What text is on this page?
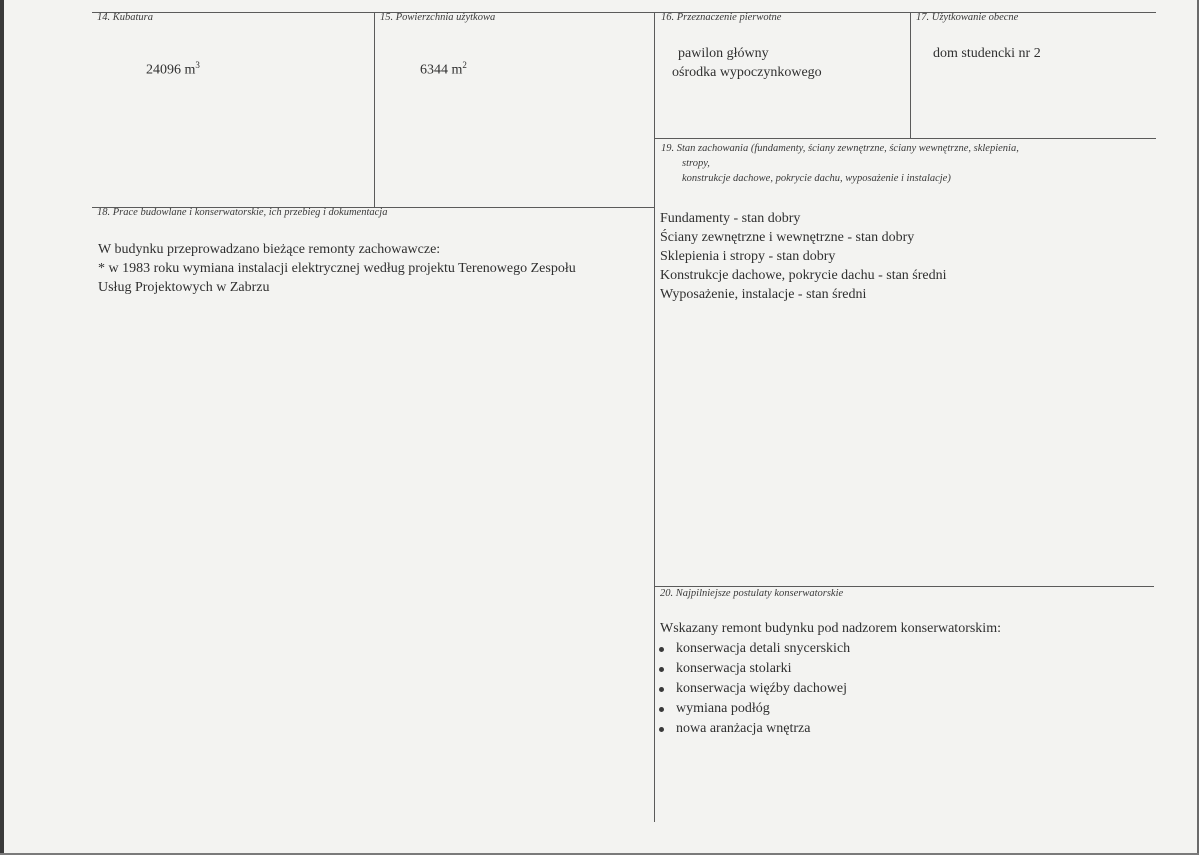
14. Kubatura
24096 $m^3$
15. Powierzchnia użytkowa
6344 $m^2$
16. Przeznaczenie pierwotne
pawilon główny
ośrodka wypoczynkowego
17. Użytkowanie obecne
dom studencki nr 2
19. Stan zachowania (fundamenty, ściany zewnętrzne, ściany wewnętrzne, sklepienia,
stropy,
konstrukcje dachowe, pokrycie dachu, wyposażenie i instalacje)
Fundamenty - stan dobry
Ściany zewnętrzne i wewnętrzne - stan dobry
Sklepienia i stropy - stan dobry
Konstrukcje dachowe, pokrycie dachu - stan średni
Wyposażenie, instalacje - stan średni
18. Prace budowlane i konserwatorskie, ich przebieg i dokumentacja
W budynku przeprowadzano bieżące remonty zachowawcze:
* w 1983 roku wymiana instalacji elektrycznej według projektu Terenowego Zespołu
Usług Projektowych w Zabrzu
20. Najpilniejsze postulaty konserwatorskie
Wskazany remont budynku pod nadzorem konserwatorskim:
konserwacja detali snycerskich
konserwacja stolarki
konserwacja więźby dachowej
wymiana podłóg
nowa aranżacja wnętrza
